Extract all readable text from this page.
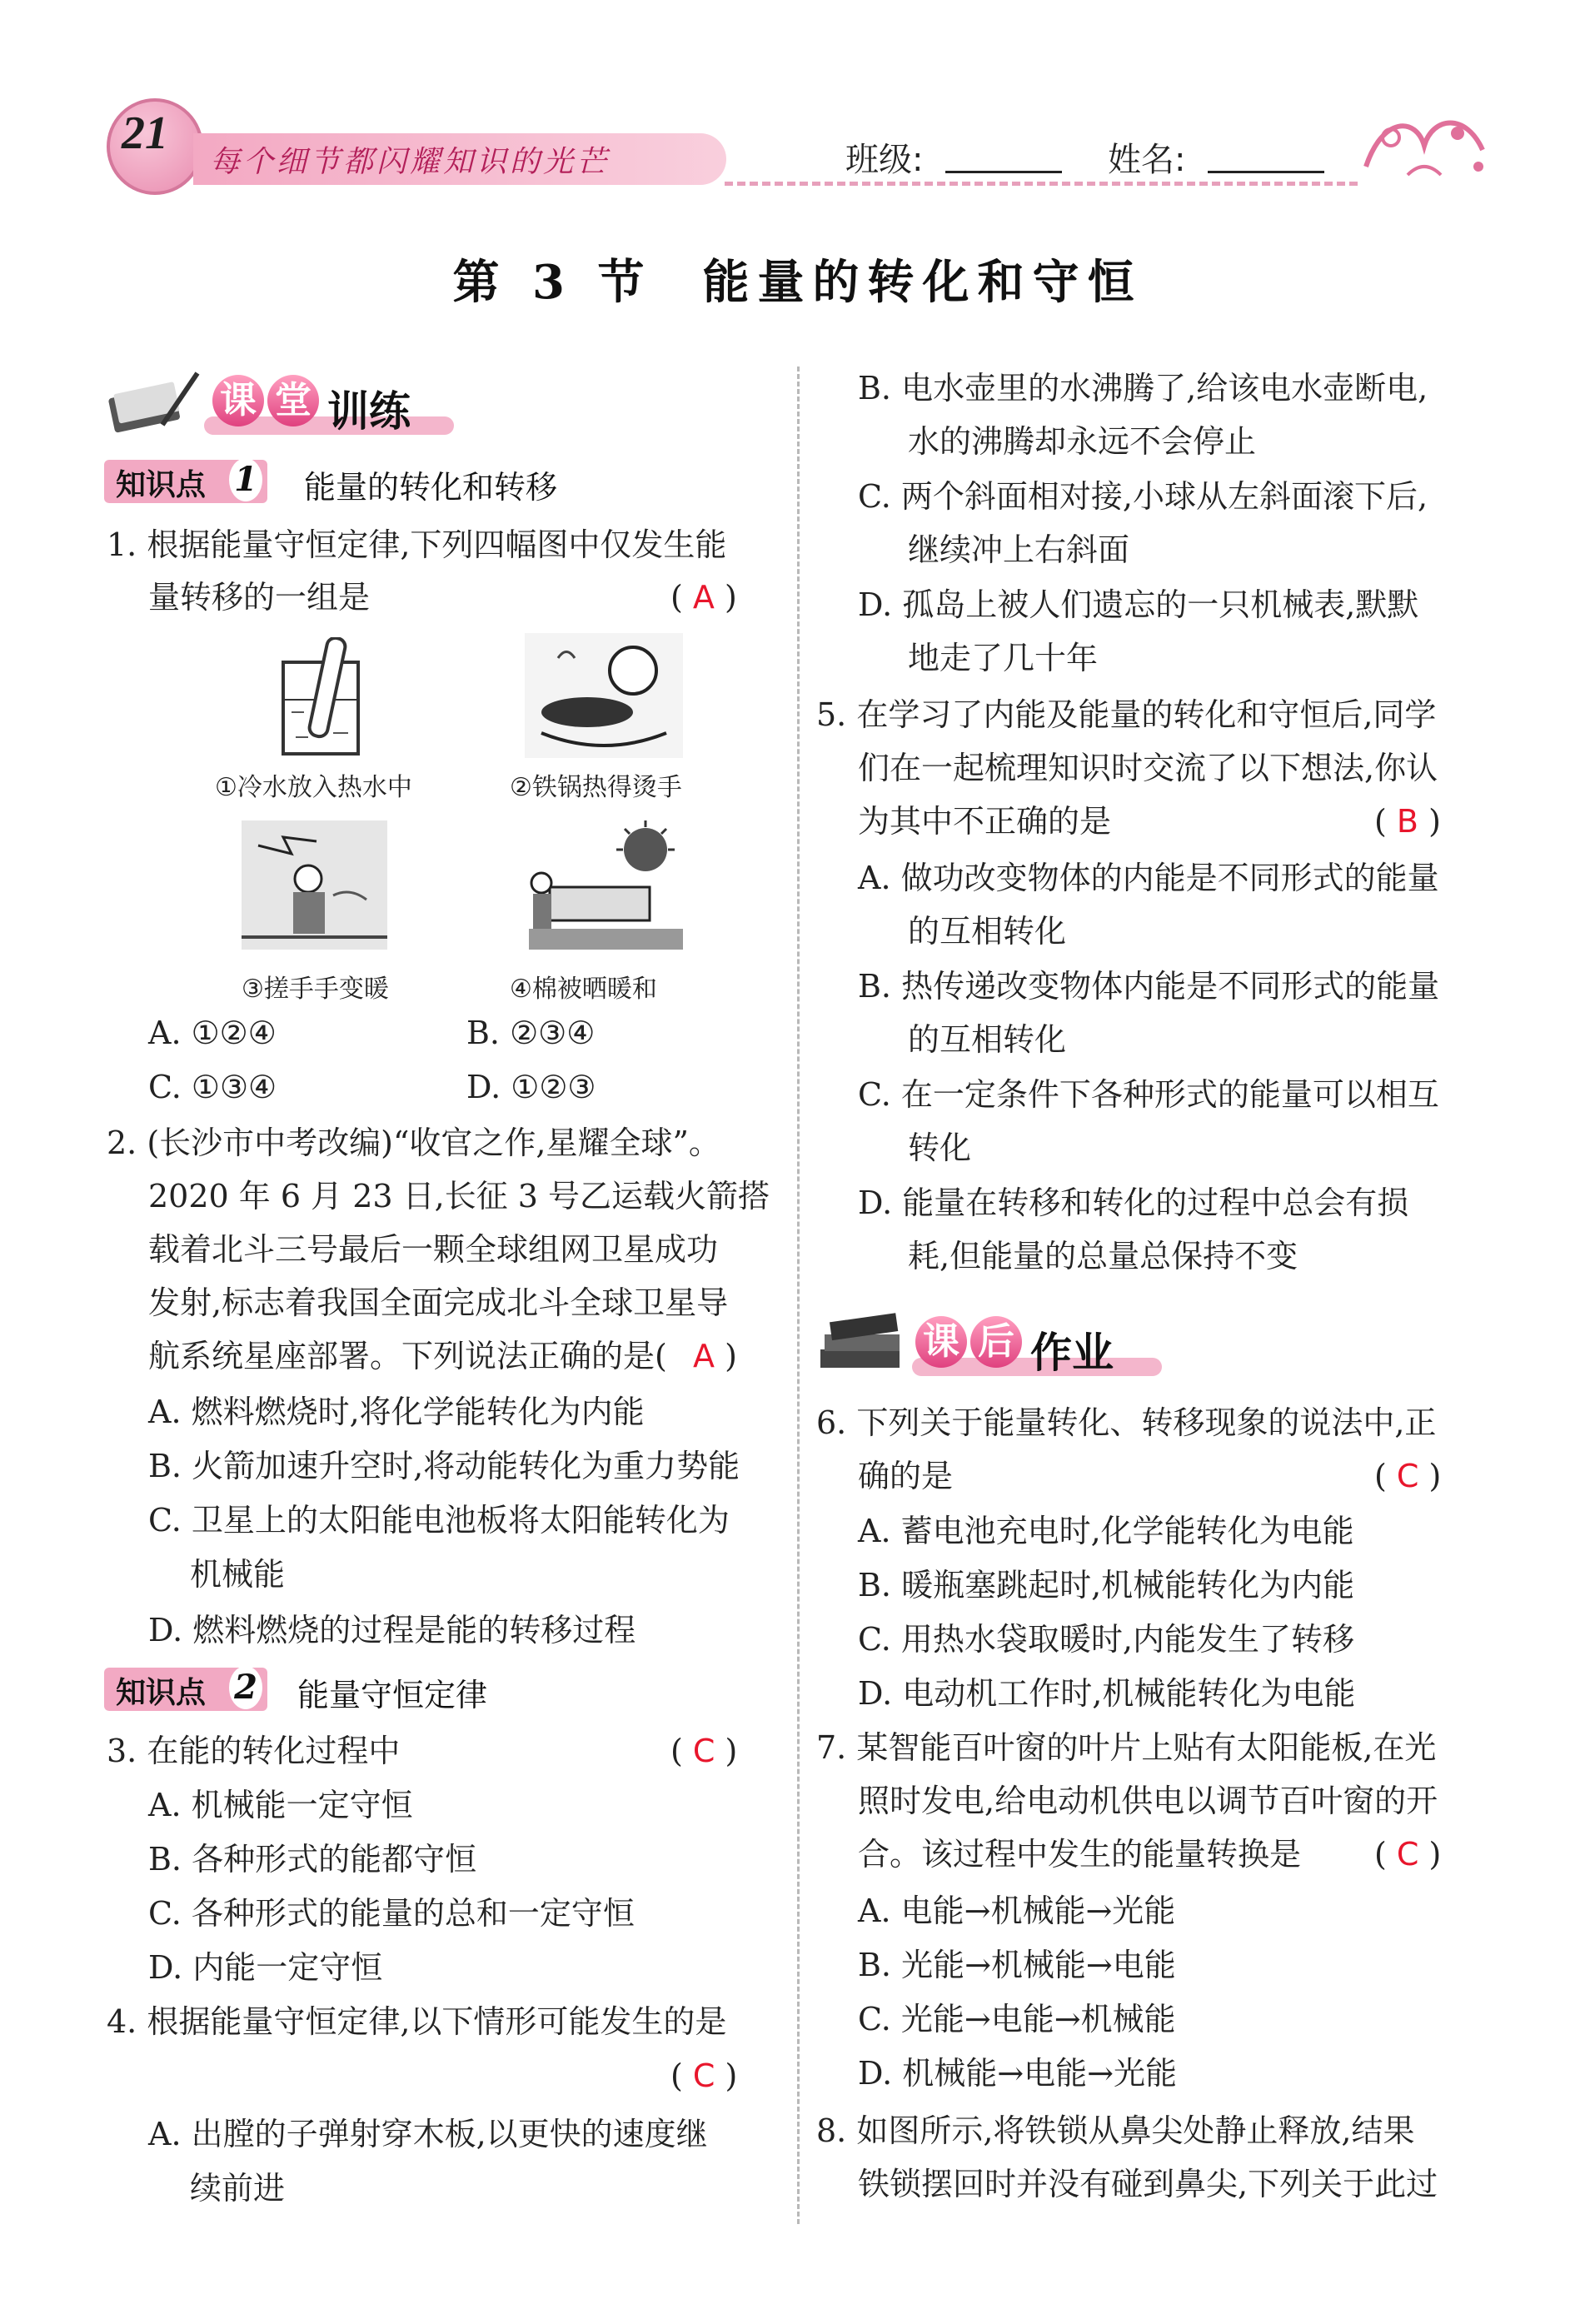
21
每个细节都闪耀知识的光芒	班级:	姓名:
第 3 节 能量的转化和守恒
课 堂 训练
知识点 1 能量的转化和转移
1. 根据能量守恒定律,下列四幅图中仅发生能
量转移的一组是	( A )
①冷水放入热水中	②铁锅热得烫手
③搓手手变暖	④棉被晒暖和
A. ①②④	B. ②③④
C. ①③④	D. ①②③
2. (长沙市中考改编)“收官之作,星耀全球”。
2020 年 6 月 23 日,长征 3 号乙运载火箭搭
载着北斗三号最后一颗全球组网卫星成功
发射,标志着我国全面完成北斗全球卫星导
航系统星座部署。下列说法正确的是( A )
A. 燃料燃烧时,将化学能转化为内能
B. 火箭加速升空时,将动能转化为重力势能
C. 卫星上的太阳能电池板将太阳能转化为
机械能
D. 燃料燃烧的过程是能的转移过程
知识点 2 能量守恒定律
3. 在能的转化过程中	( C )
A. 机械能一定守恒
B. 各种形式的能都守恒
C. 各种形式的能量的总和一定守恒
D. 内能一定守恒
4. 根据能量守恒定律,以下情形可能发生的是
( C )
A. 出膛的子弹射穿木板,以更快的速度继
续前进
B. 电水壶里的水沸腾了,给该电水壶断电,
水的沸腾却永远不会停止
C. 两个斜面相对接,小球从左斜面滚下后,
继续冲上右斜面
D. 孤岛上被人们遗忘的一只机械表,默默
地走了几十年
5. 在学习了内能及能量的转化和守恒后,同学
们在一起梳理知识时交流了以下想法,你认
为其中不正确的是	( B )
A. 做功改变物体的内能是不同形式的能量
的互相转化
B. 热传递改变物体内能是不同形式的能量
的互相转化
C. 在一定条件下各种形式的能量可以相互
转化
D. 能量在转移和转化的过程中总会有损
耗,但能量的总量总保持不变
课 后 作业
6. 下列关于能量转化、转移现象的说法中,正
确的是	( C )
A. 蓄电池充电时,化学能转化为电能
B. 暖瓶塞跳起时,机械能转化为内能
C. 用热水袋取暖时,内能发生了转移
D. 电动机工作时,机械能转化为电能
7. 某智能百叶窗的叶片上贴有太阳能板,在光
照时发电,给电动机供电以调节百叶窗的开
合。该过程中发生的能量转换是 ( C )
A. 电能→机械能→光能
B. 光能→机械能→电能
C. 光能→电能→机械能
D. 机械能→电能→光能
8. 如图所示,将铁锁从鼻尖处静止释放,结果
铁锁摆回时并没有碰到鼻尖,下列关于此过
